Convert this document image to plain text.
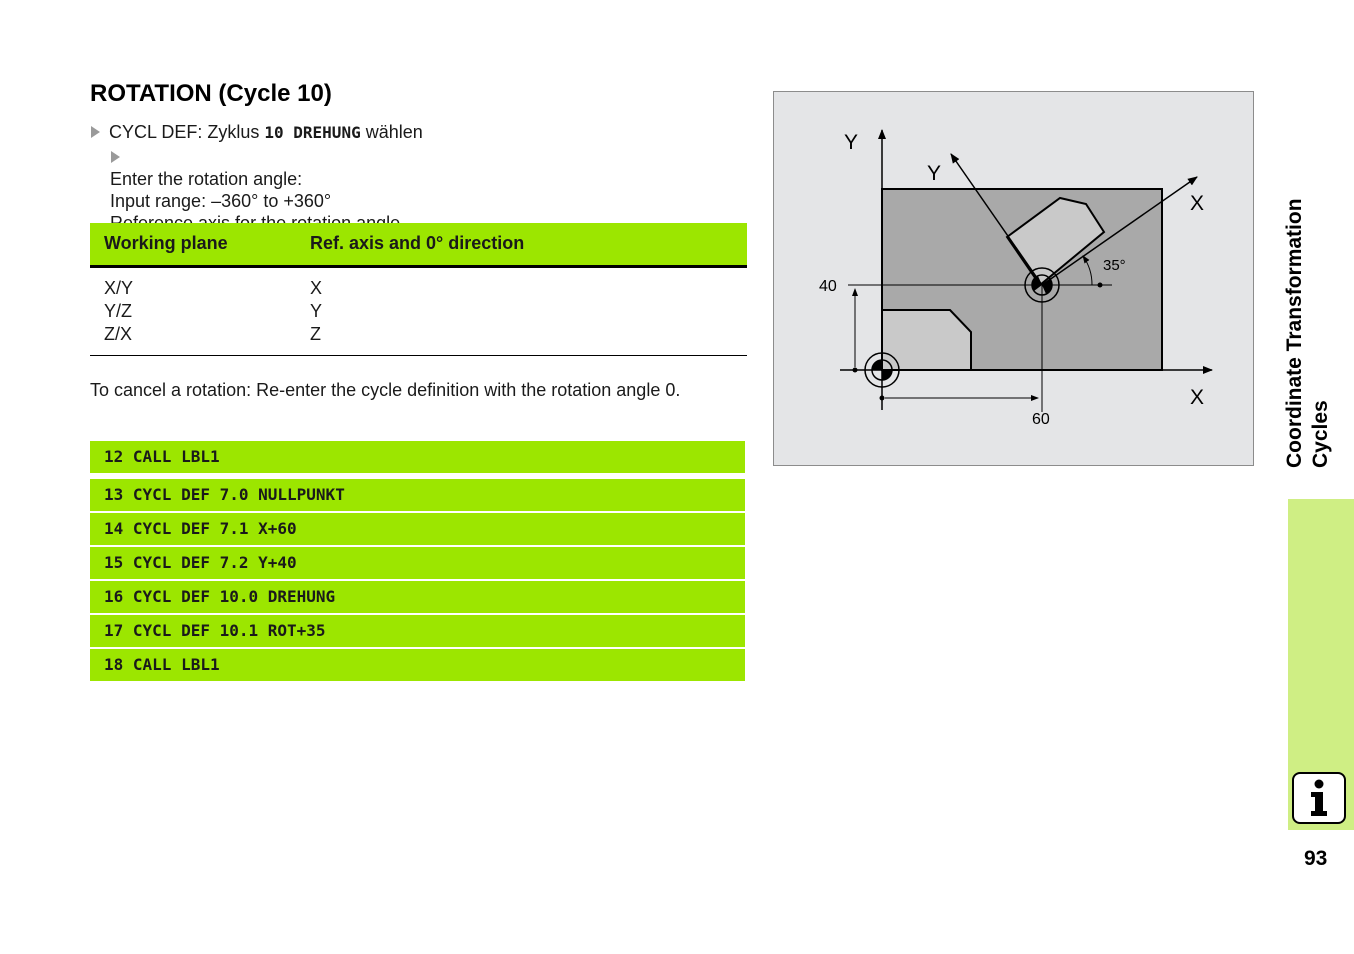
ROTATION (Cycle 10)
CYCL DEF: Zyklus 10 DREHUNG wählen
Enter the rotation angle:
Input range: –360° to +360°
Working plane	Ref. axis and 0° direction
X/Y
Y/Z
Z/X
X
Y
Z
To cancel a rotation: Re-enter the cycle definition with the rotation angle 0.
12 CALL LBL1
13 CYCL DEF 7.0 NULLPUNKT
14 CYCL DEF 7.1 X+60
15 CYCL DEF 7.2 Y+40
16 CYCL DEF 10.0 DREHUNG
17 CYCL DEF 10.1 ROT+35
18 CALL LBL1
Y
Y
X
X
40
60
35°	Coordinate Transformation Cycles
93
